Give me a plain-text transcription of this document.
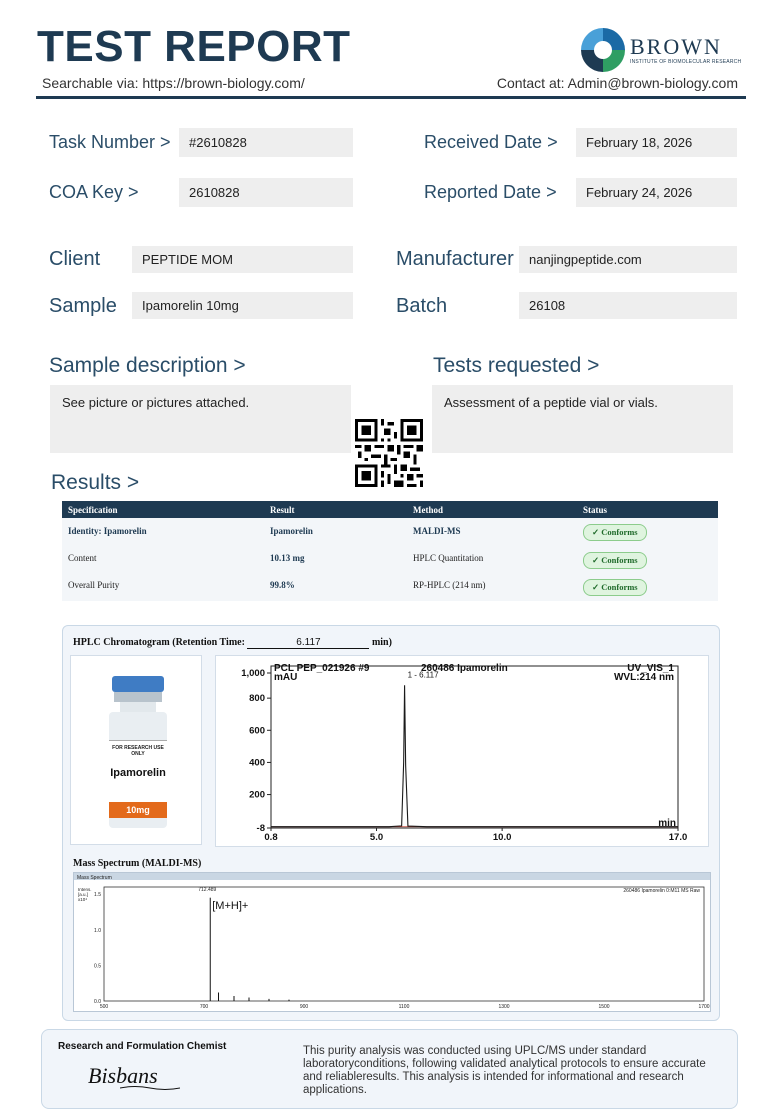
TEST REPORT
Searchable via: https://brown-biology.com/	Contact at: Admin@brown-biology.com
BROWN
INSTITUTE OF BIOMOLECULAR RESEARCH
Task Number >	#2610828	Received Date >	February 18, 2026
COA Key >	2610828	Reported Date >	February 24, 2026
Client	PEPTIDE MOM	Manufacturer	nanjingpeptide.com
Sample	Ipamorelin 10mg	Batch	26108
Sample description >
See picture or pictures attached.
Tests requested >
Assessment of a peptide vial or vials.
Results >
Specification	Result	Method	Status
Identity: Ipamorelin	Ipamorelin	MALDI-MS	✓ Conforms
Content	10.13 mg	HPLC Quantitation	✓ Conforms
Overall Purity	99.8%	RP-HPLC (214 nm)	✓ Conforms
HPLC Chromatogram (Retention Time:	6.117	min)
FOR RESEARCH USE ONLY
Ipamorelin
10mg
PCL PEP_021926 #9	260486 Ipamorelin	UV_VIS_1
mAU	WVL:214 nm
min
1,000
800
600
400
200
-8
0.8	5.0	10.0	17.0
1 - 6.117
Mass Spectrum (MALDI-MS)
Mass Spectrum
260486 Ipamorelin 0:M11 MS Raw
Intens.
[a.u.]
x10⁴
1.5
1.0
0.5
0.0
500	700	900	1100	1300	1500	1700
712.489
[M+H]+
Research and Formulation Chemist
Bisbans
This purity analysis was conducted using UPLC/MS under standard laboratoryconditions, following validated analytical protocols to ensure accurate and reliableresults. This analysis is intended for informational and research applications.
